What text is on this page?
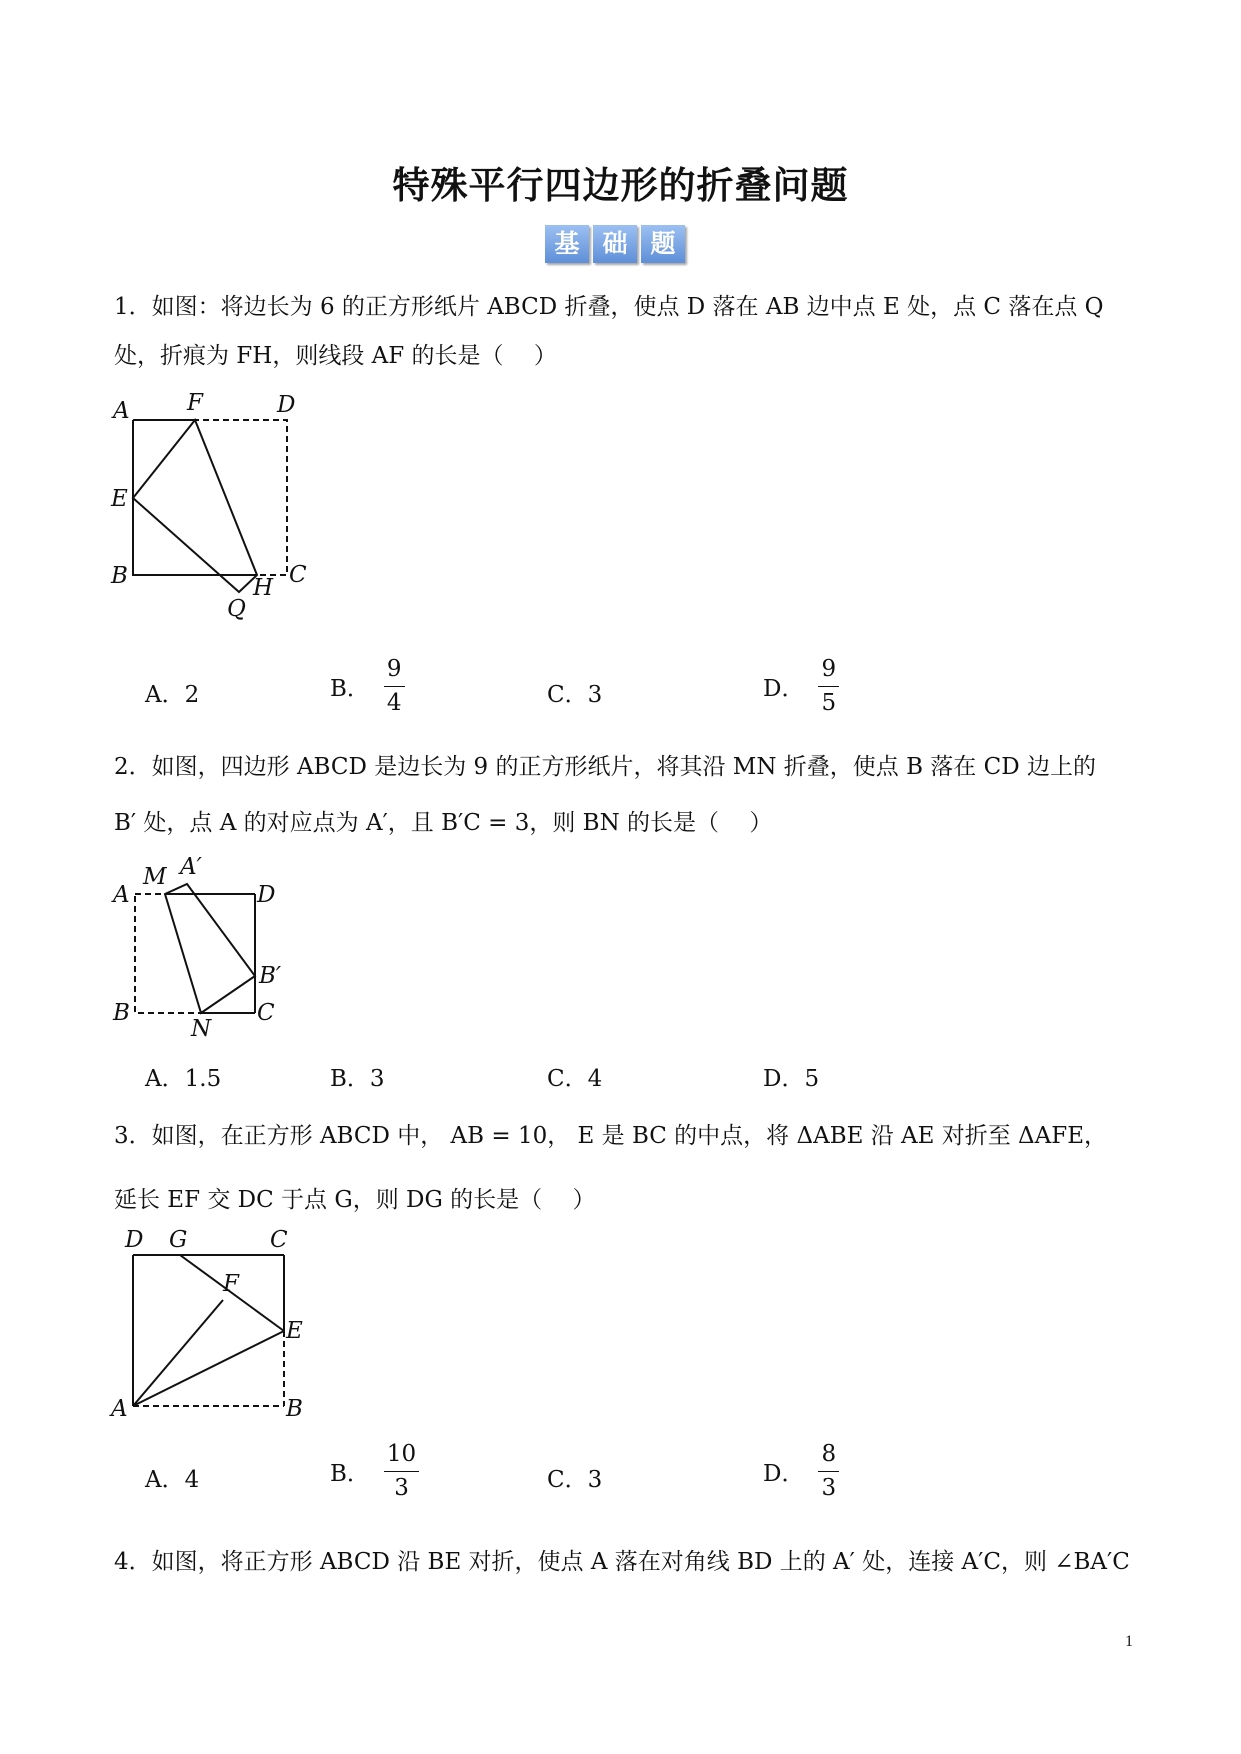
特殊平行四边形的折叠问题
基 础 题
1．如图：将边长为 6 的正方形纸片 ABCD 折叠，使点 D 落在 AB 边中点 E 处，点 C 落在点 Q
处，折痕为 FH，则线段 AF 的长是（　 ）
A F	D
E
B	H C
Q
A．2	B． $\frac{9}{4}$	C．3	D． $\frac{9}{5}$
2．如图，四边形 ABCD 是边长为 9 的正方形纸片，将其沿 MN 折叠，使点 B 落在 CD 边上的
B′ 处，点 A 的对应点为 A′，且 B′C = 3，则 BN 的长是（　 ）
M A′
A	D
B′
B
N
C
A．1.5	B．3	C．4	D．5
3．如图，在正方形 ABCD 中， AB = 10， E 是 BC 的中点，将 ΔABE 沿 AE 对折至 ΔAFE，
延长 EF 交 DC 于点 G，则 DG 的长是（　 ）
D G	C
F
E
A	B
A．4	B． $\frac{10}{3}$	C．3	D． $\frac{8}{3}$
4．如图，将正方形 ABCD 沿 BE 对折，使点 A 落在对角线 BD 上的 A′ 处，连接 A′C，则 ∠BA′C
1
